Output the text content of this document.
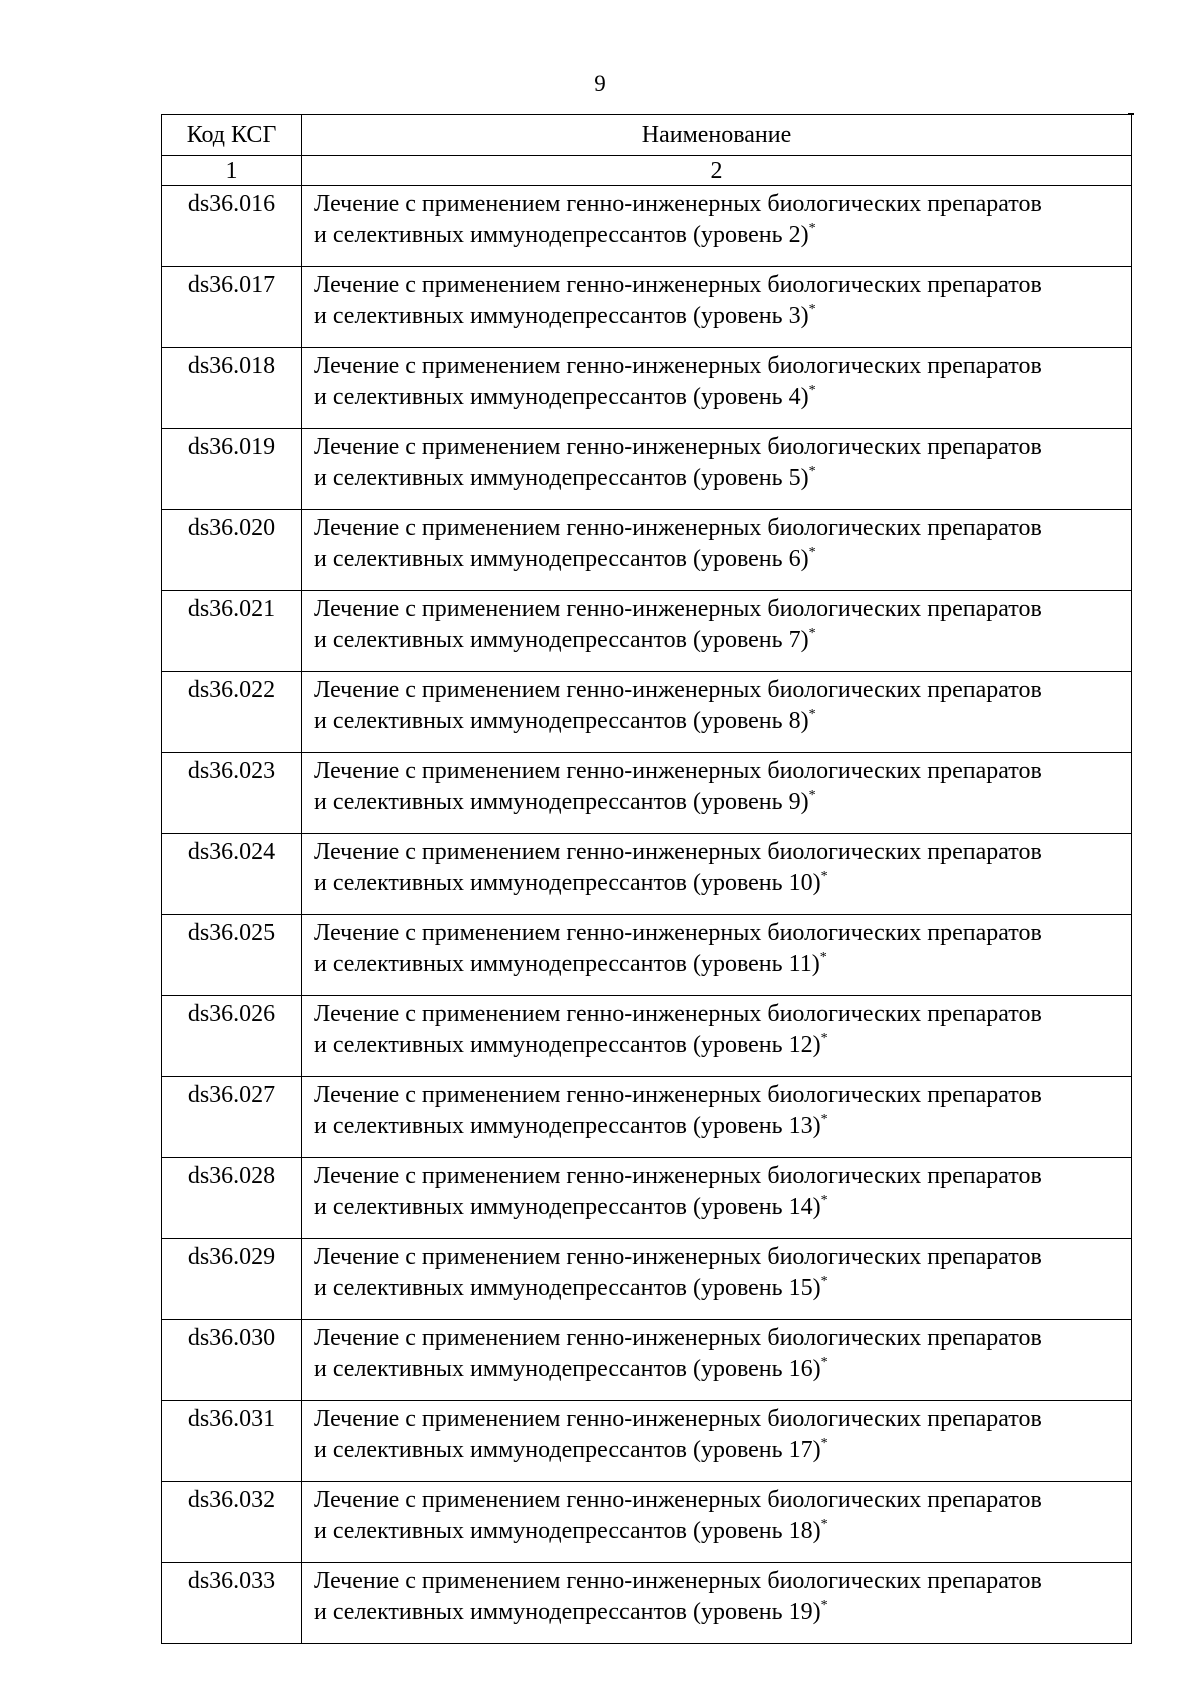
9
Код КСГ	Наименование
1	2
ds36.016	Лечение с применением генно-инженерных биологических препаратов
и селективных иммунодепрессантов (уровень 2)*
ds36.017	Лечение с применением генно-инженерных биологических препаратов
и селективных иммунодепрессантов (уровень 3)*
ds36.018	Лечение с применением генно-инженерных биологических препаратов
и селективных иммунодепрессантов (уровень 4)*
ds36.019	Лечение с применением генно-инженерных биологических препаратов
и селективных иммунодепрессантов (уровень 5)*
ds36.020	Лечение с применением генно-инженерных биологических препаратов
и селективных иммунодепрессантов (уровень 6)*
ds36.021	Лечение с применением генно-инженерных биологических препаратов
и селективных иммунодепрессантов (уровень 7)*
ds36.022	Лечение с применением генно-инженерных биологических препаратов
и селективных иммунодепрессантов (уровень 8)*
ds36.023	Лечение с применением генно-инженерных биологических препаратов
и селективных иммунодепрессантов (уровень 9)*
ds36.024	Лечение с применением генно-инженерных биологических препаратов
и селективных иммунодепрессантов (уровень 10)*
ds36.025	Лечение с применением генно-инженерных биологических препаратов
и селективных иммунодепрессантов (уровень 11)*
ds36.026	Лечение с применением генно-инженерных биологических препаратов
и селективных иммунодепрессантов (уровень 12)*
ds36.027	Лечение с применением генно-инженерных биологических препаратов
и селективных иммунодепрессантов (уровень 13)*
ds36.028	Лечение с применением генно-инженерных биологических препаратов
и селективных иммунодепрессантов (уровень 14)*
ds36.029	Лечение с применением генно-инженерных биологических препаратов
и селективных иммунодепрессантов (уровень 15)*
ds36.030	Лечение с применением генно-инженерных биологических препаратов
и селективных иммунодепрессантов (уровень 16)*
ds36.031	Лечение с применением генно-инженерных биологических препаратов
и селективных иммунодепрессантов (уровень 17)*
ds36.032	Лечение с применением генно-инженерных биологических препаратов
и селективных иммунодепрессантов (уровень 18)*
ds36.033	Лечение с применением генно-инженерных биологических препаратов
и селективных иммунодепрессантов (уровень 19)*
